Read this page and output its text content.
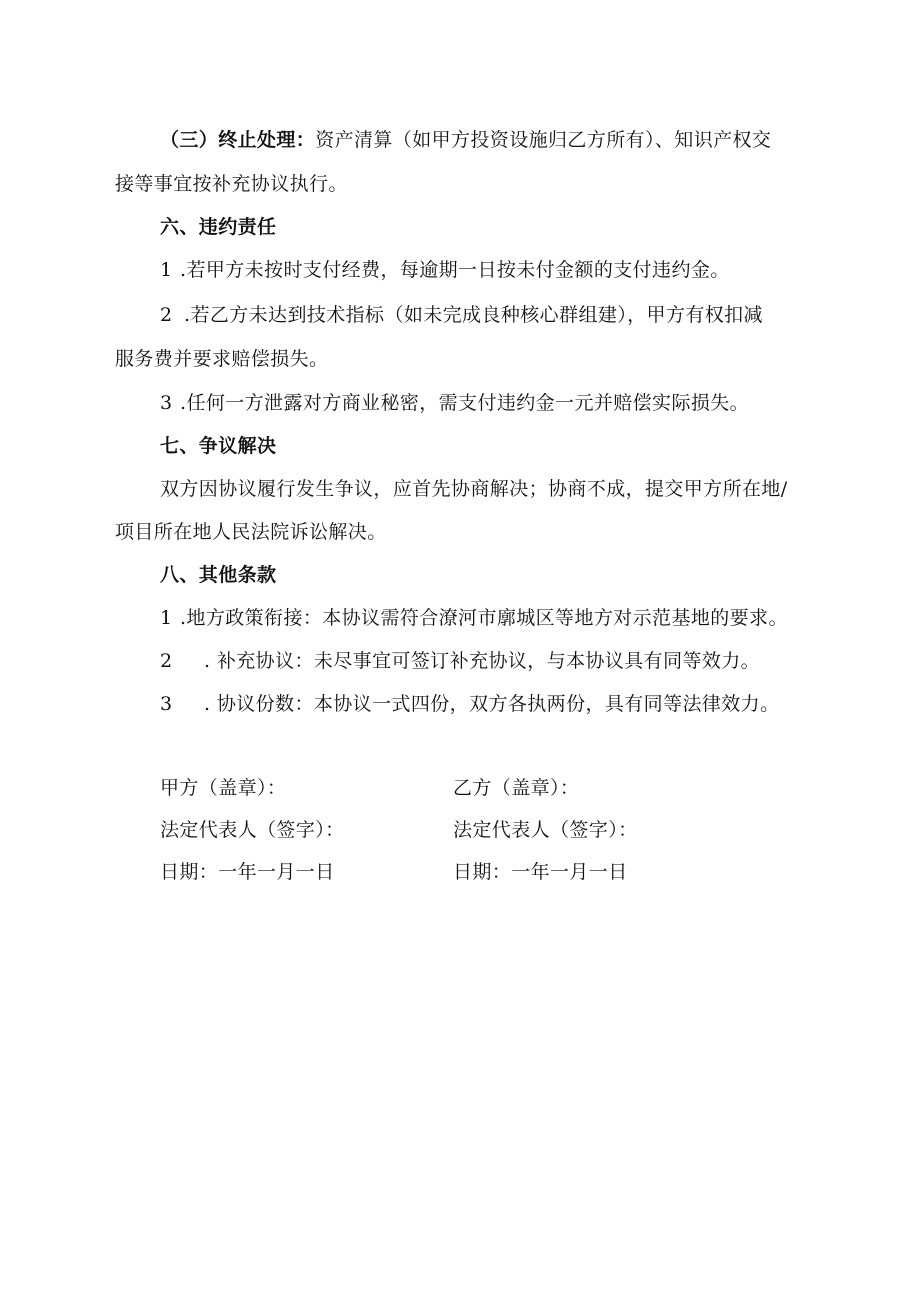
（三）终止处理：资产清算（如甲方投资设施归乙方所有）、知识产权交
接等事宜按补充协议执行。
六、违约责任
1 .若甲方未按时支付经费，每逾期一日按未付金额的支付违约金。
2 .若乙方未达到技术指标（如未完成良种核心群组建），甲方有权扣减
服务费并要求赔偿损失。
3 .任何一方泄露对方商业秘密，需支付违约金一元并赔偿实际损失。
七、争议解决
双方因协议履行发生争议，应首先协商解决；协商不成，提交甲方所在地/
项目所在地人民法院诉讼解决。
八、其他条款
1 .地方政策衔接：本协议需符合潦河市廓城区等地方对示范基地的要求。
2 . 补充协议：未尽事宜可签订补充协议，与本协议具有同等效力。
3 . 协议份数：本协议一式四份，双方各执两份，具有同等法律效力。
甲方（盖章）：
法定代表人（签字）：
日期：一年一月一日
乙方（盖章）：
法定代表人（签字）：
日期：一年一月一日
